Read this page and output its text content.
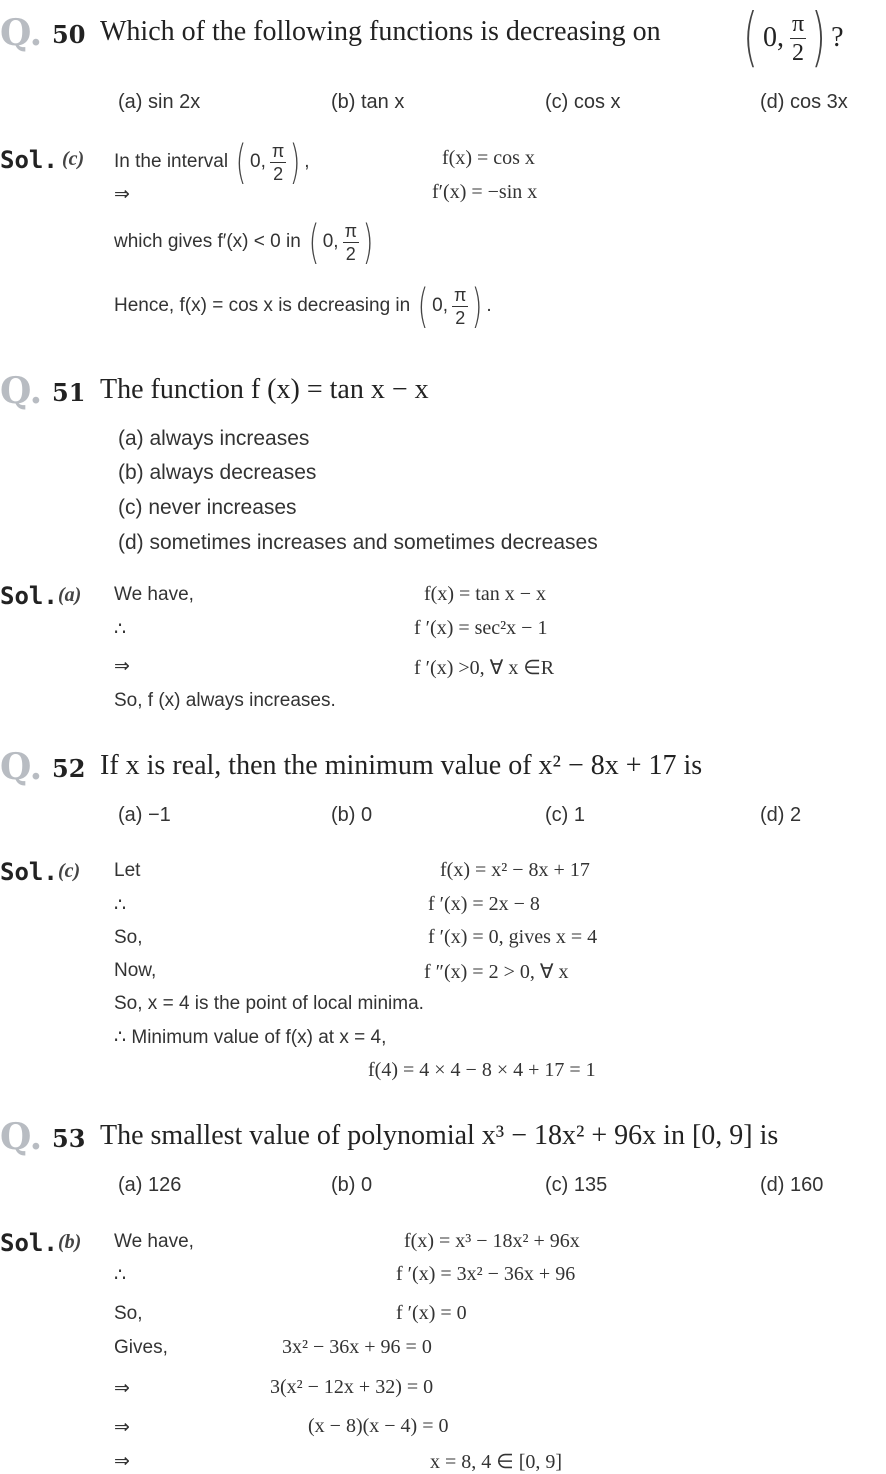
Q. 50 Which of the following functions is decreasing on ( 0, $\frac{\pi}{2}$ ) ?
(a) sin 2x	(b) tan x	(c) cos x	(d) cos 3x
Sol. (c) In the interval ( 0, $\frac{\pi}{2}$ ) ,	f(x) = cos x
⇒	f′(x) = −sin x
which gives f′(x) < 0 in ( 0, $\frac{\pi}{2}$ )
Hence, f(x) = cos x is decreasing in ( 0, $\frac{\pi}{2}$ ) .
Q. 51 The function f (x) = tan x − x
(a) always increases
(b) always decreases
(c) never increases
(d) sometimes increases and sometimes decreases
Sol. (a) We have,	f(x) = tan x − x
∴	f ′(x) = sec²x − 1
⇒	f ′(x) >0, ∀ x ∈R
So, f (x) always increases.
Q. 52 If x is real, then the minimum value of x² − 8x + 17 is
(a) −1	(b) 0	(c) 1	(d) 2
Sol. (c) Let	f(x) = x² − 8x + 17
∴	f ′(x) = 2x − 8
So,	f ′(x) = 0, gives x = 4
Now,	f ″(x) = 2 > 0, ∀ x
So, x = 4 is the point of local minima.
∴ Minimum value of f(x) at x = 4,
f(4) = 4 × 4 − 8 × 4 + 17 = 1
Q. 53 The smallest value of polynomial x³ − 18x² + 96x in [0, 9] is
(a) 126	(b) 0	(c) 135	(d) 160
Sol. (b) We have,	f(x) = x³ − 18x² + 96x
∴	f ′(x) = 3x² − 36x + 96
So,	f ′(x) = 0
Gives,	3x² − 36x + 96 = 0
⇒	3(x² − 12x + 32) = 0
⇒	(x − 8)(x − 4) = 0
⇒	x = 8, 4 ∈ [0, 9]
